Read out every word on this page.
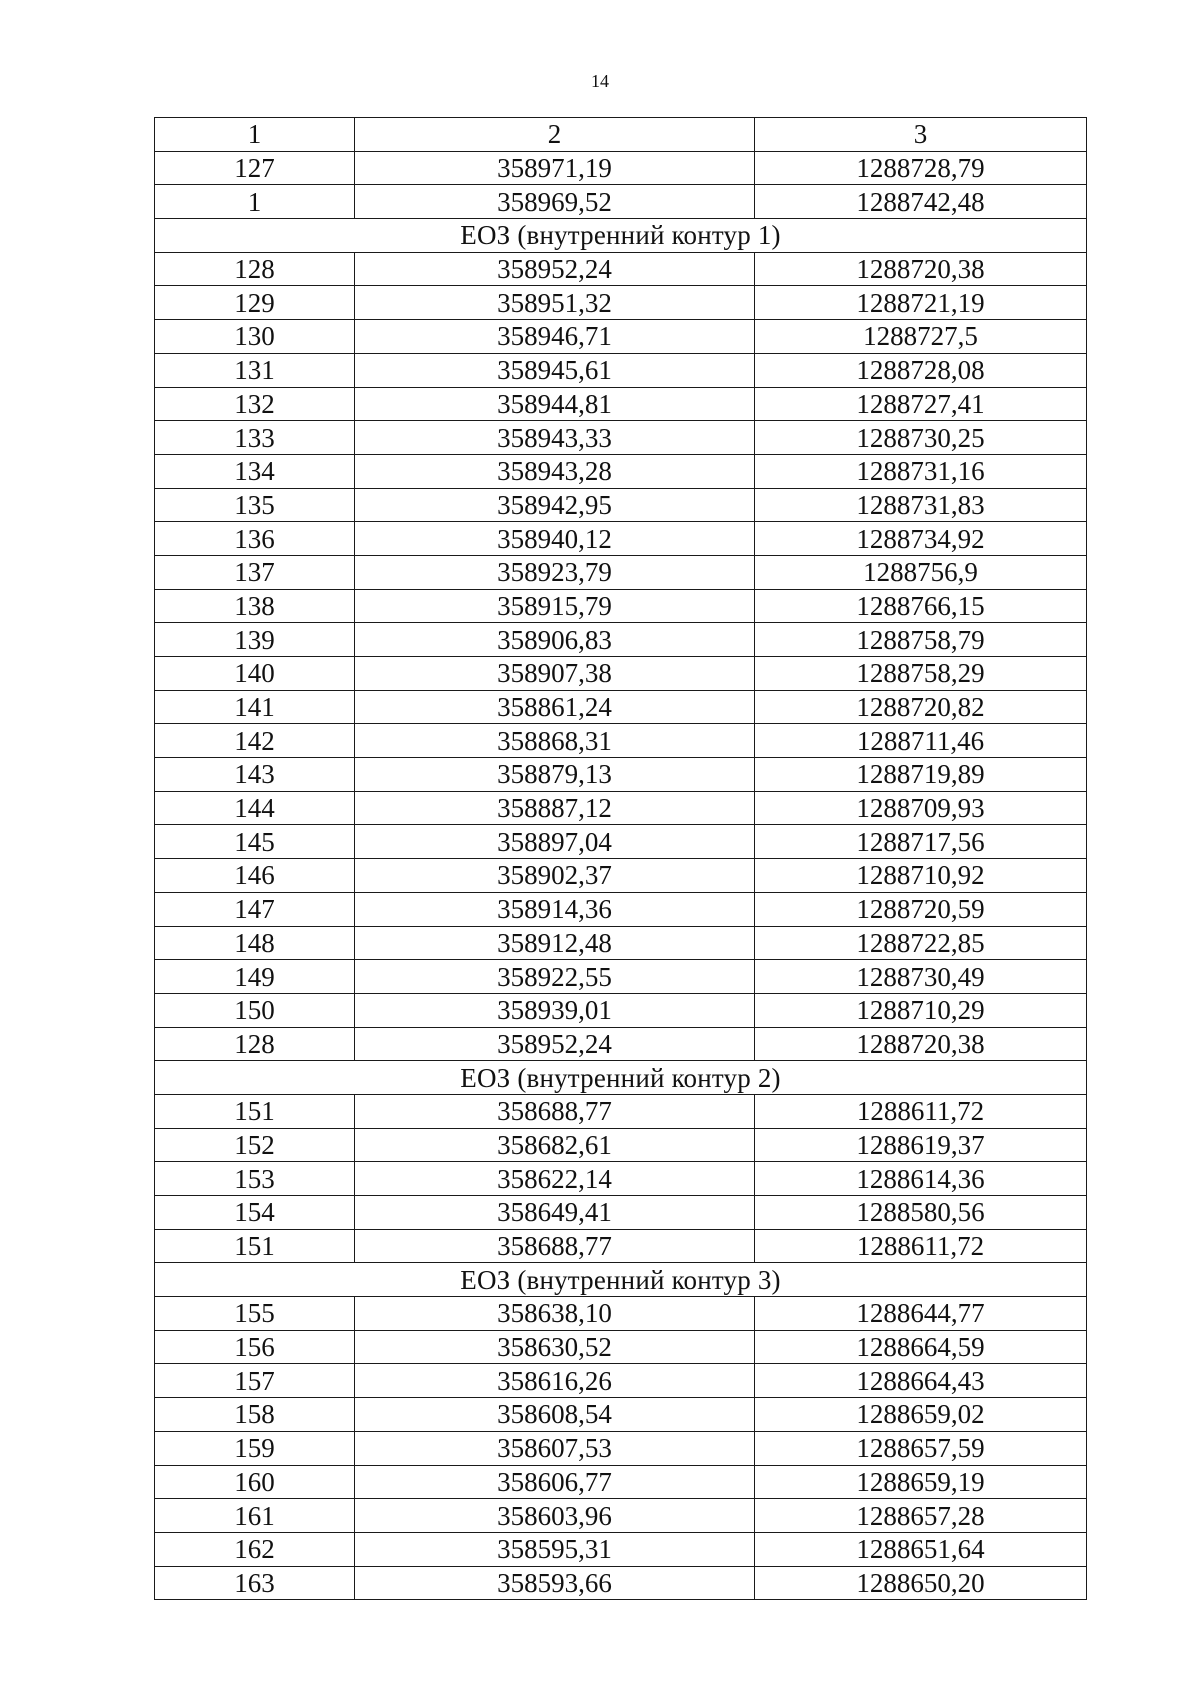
14
1	2	3
127	358971,19	1288728,79
1	358969,52	1288742,48
ЕОЗ (внутренний контур 1)		
128	358952,24	1288720,38
129	358951,32	1288721,19
130	358946,71	1288727,5
131	358945,61	1288728,08
132	358944,81	1288727,41
133	358943,33	1288730,25
134	358943,28	1288731,16
135	358942,95	1288731,83
136	358940,12	1288734,92
137	358923,79	1288756,9
138	358915,79	1288766,15
139	358906,83	1288758,79
140	358907,38	1288758,29
141	358861,24	1288720,82
142	358868,31	1288711,46
143	358879,13	1288719,89
144	358887,12	1288709,93
145	358897,04	1288717,56
146	358902,37	1288710,92
147	358914,36	1288720,59
148	358912,48	1288722,85
149	358922,55	1288730,49
150	358939,01	1288710,29
128	358952,24	1288720,38
ЕОЗ (внутренний контур 2)		
151	358688,77	1288611,72
152	358682,61	1288619,37
153	358622,14	1288614,36
154	358649,41	1288580,56
151	358688,77	1288611,72
ЕОЗ (внутренний контур 3)		
155	358638,10	1288644,77
156	358630,52	1288664,59
157	358616,26	1288664,43
158	358608,54	1288659,02
159	358607,53	1288657,59
160	358606,77	1288659,19
161	358603,96	1288657,28
162	358595,31	1288651,64
163	358593,66	1288650,20
